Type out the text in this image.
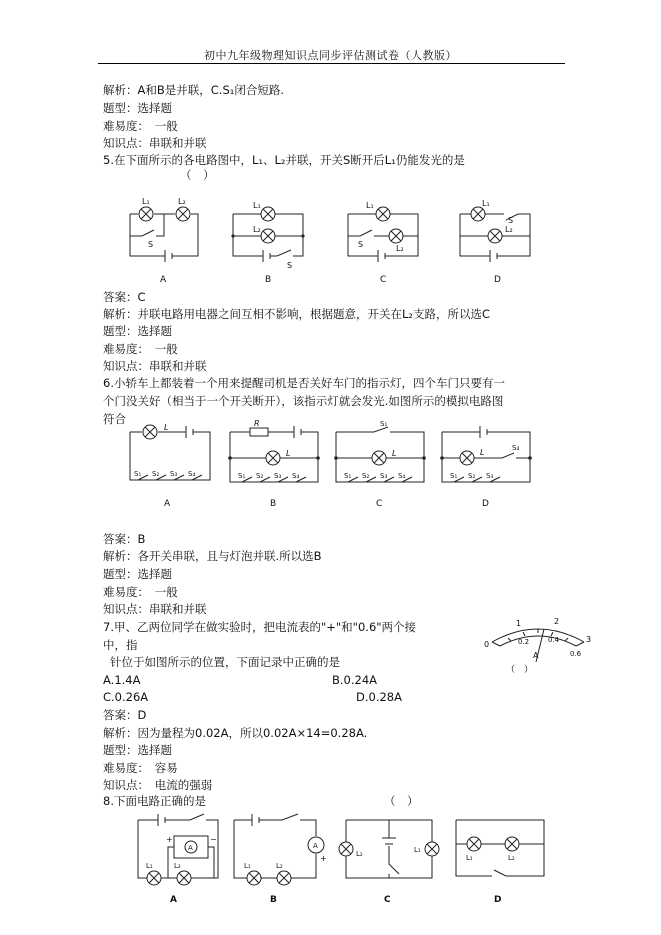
初中九年级物理知识点同步评估测试卷（人教版）
解析：A和B是并联，C.S₁闭合短路.
题型：选择题
难易度：　一般
知识点：串联和并联
5.在下面所示的各电路图中，L₁、L₂并联，开关S断开后L₁仍能发光的是
（　）
L₁	L₂
S
A
L₁
L₂
S
B
L₁
S	L₂
C
L₁
S
L₂
D
答案：C
解析：并联电路用电器之间互相不影响，根据题意，开关在L₂支路，所以选C
题型：选择题
难易度：　一般
知识点：串联和并联
6.小轿车上都装着一个用来提醒司机是否关好车门的指示灯，四个车门只要有一
个门没关好（相当于一个开关断开），该指示灯就会发光.如图所示的模拟电路图
符合
L
S₁ S₂ S₃ S₄
A
R
L
S₁ S₂ S₃ S₄
B
S₁
L
S₁ S₂ S₃ S₄
C
L	S₄
S₁ S₂ S₃
D
答案：B
解析：各开关串联，且与灯泡并联.所以选B
题型：选择题
难易度：　一般
知识点：串联和并联
7.甲、乙两位同学在做实验时，把电流表的"+"和"0.6"两个接
中，指
针位于如图所示的位置，下面记录中正确的是
0
1	2
3
0.2	0.4
0.6
A
（　）
A.1.4A	B.0.24A
C.0.26A	D.0.28A
答案：D
解析：因为量程为0.02A，所以0.02A×14=0.28A.
题型：选择题
难易度：　容易
知识点：　电流的强弱
8.下面电路正确的是	（　）
A
+	−
L₁	L₂
A
A
+
L₁	L₂
B
L₂	L₁
C
L₁	L₂
D
